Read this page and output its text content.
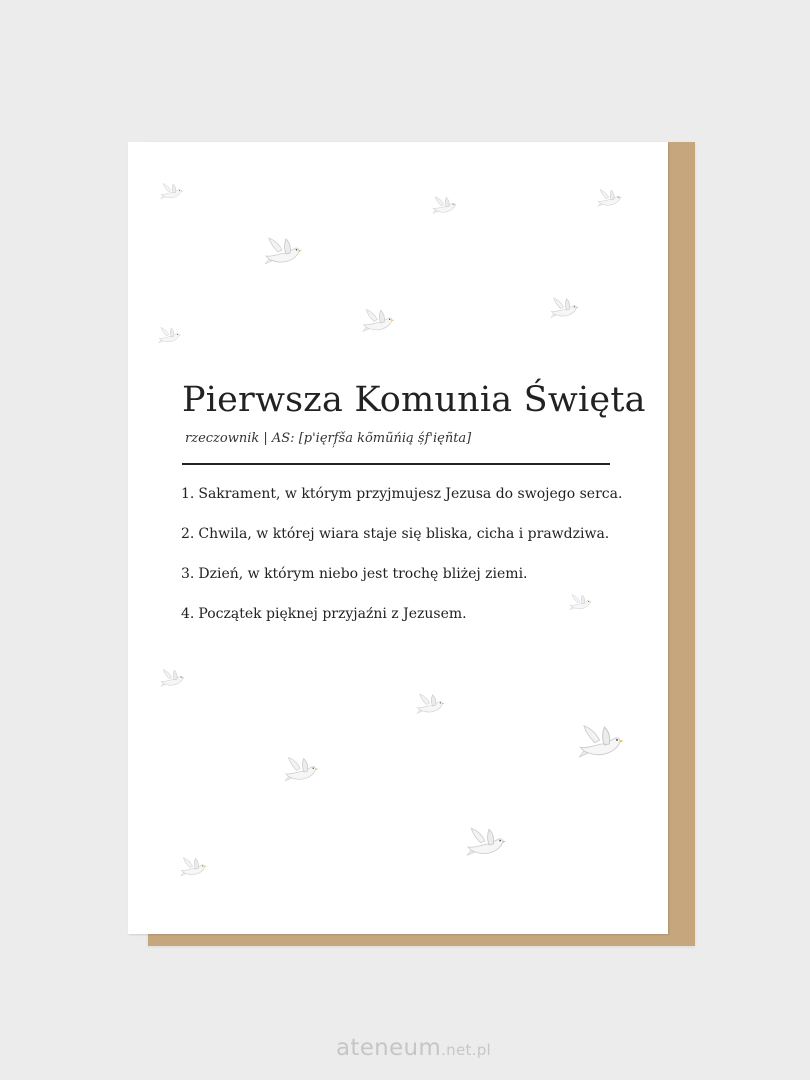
Pierwsza Komunia Święta
rzeczownik | AS: [p'ięrf̦ša kõmũńią ș́f'ięñta]
1. Sakrament, w którym przyjmujesz Jezusa do swojego serca.
2. Chwila, w której wiara staje się bliska, cicha i prawdziwa.
3. Dzień, w którym niebo jest trochę bliżej ziemi.
4. Początek pięknej przyjaźni z Jezusem.
ateneum.net.pl
